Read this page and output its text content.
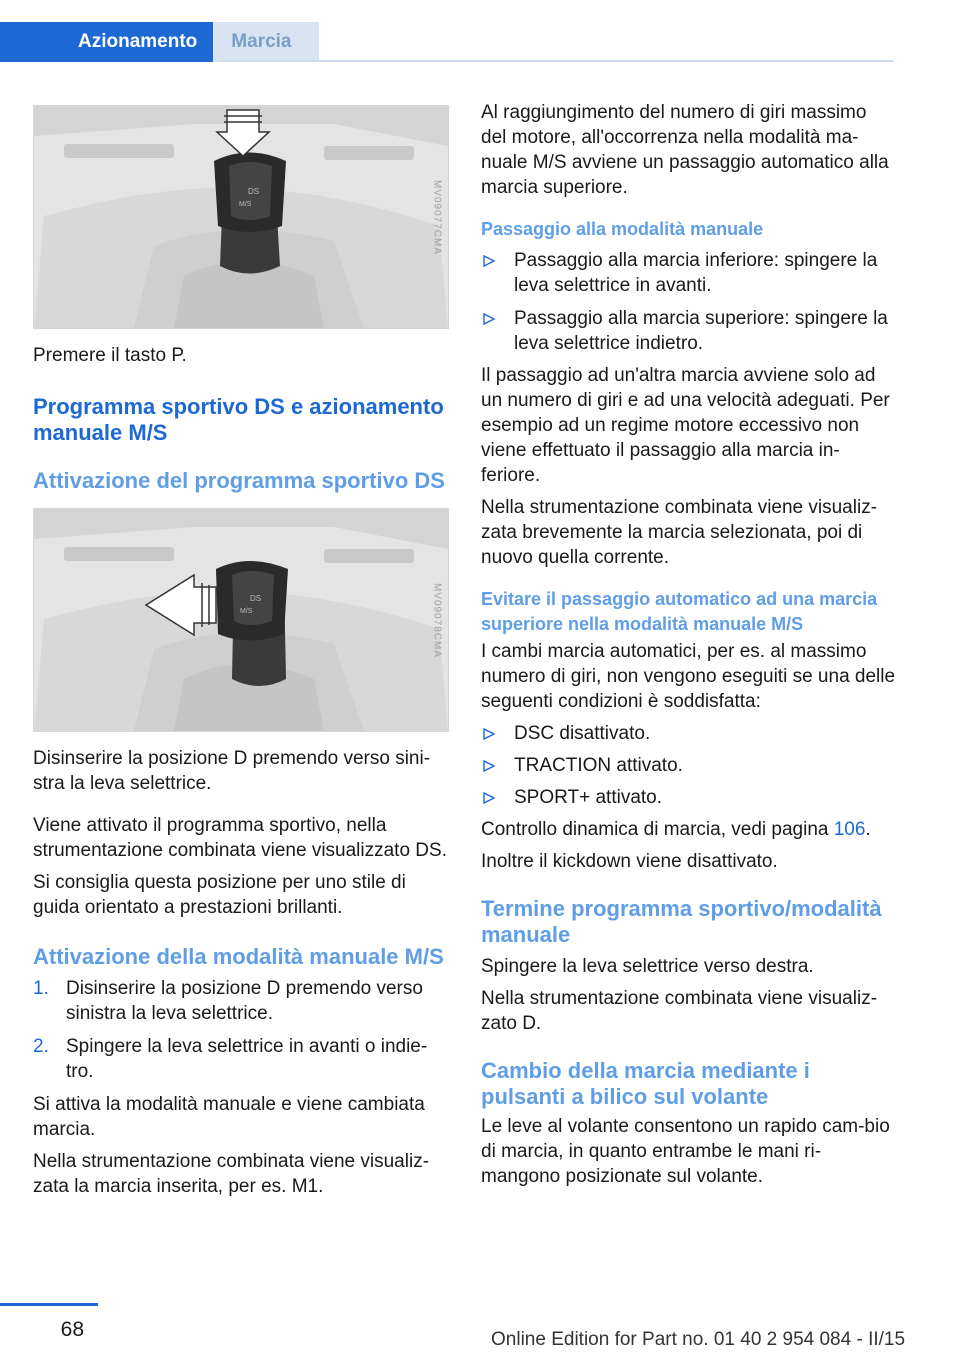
Azionamento	Marcia
DS
M/S	MV09077CMA

Premere il tasto P.

Programma sportivo DS e azionamento manuale M/S
Attivazione del programma sportivo DS
DS
M/S	MV09078CMA

Disinserire la posizione D premendo verso sini-stra la leva selettrice.

Viene attivato il programma sportivo, nella strumentazione combinata viene visualizzato DS.

Si consiglia questa posizione per uno stile di guida orientato a prestazioni brillanti.

Attivazione della modalità manuale M/S
1. Disinserire la posizione D premendo verso sinistra la leva selettrice.
2. Spingere la leva selettrice in avanti o indie-tro.

Si attiva la modalità manuale e viene cambiata marcia.

Nella strumentazione combinata viene visualiz-zata la marcia inserita, per es. M1.

Al raggiungimento del numero di giri massimo del motore, all'occorrenza nella modalità ma-nuale M/S avviene un passaggio automatico alla marcia superiore.

Passaggio alla modalità manuale
Passaggio alla marcia inferiore: spingere la leva selettrice in avanti.
Passaggio alla marcia superiore: spingere la leva selettrice indietro.

Il passaggio ad un'altra marcia avviene solo ad un numero di giri e ad una velocità adeguati. Per esempio ad un regime motore eccessivo non viene effettuato il passaggio alla marcia in-feriore.

Nella strumentazione combinata viene visualiz-zata brevemente la marcia selezionata, poi di nuovo quella corrente.

Evitare il passaggio automatico ad una marcia superiore nella modalità manuale M/S

I cambi marcia automatici, per es. al massimo numero di giri, non vengono eseguiti se una delle seguenti condizioni è soddisfatta:

DSC disattivato.
TRACTION attivato.
SPORT+ attivato.

Controllo dinamica di marcia, vedi pagina 106.

Inoltre il kickdown viene disattivato.

Termine programma sportivo/modalità manuale

Spingere la leva selettrice verso destra.

Nella strumentazione combinata viene visualiz-zato D.

Cambio della marcia mediante i pulsanti a bilico sul volante

Le leve al volante consentono un rapido cam-bio di marcia, in quanto entrambe le mani ri-mangono posizionate sul volante.

68	Online Edition for Part no. 01 40 2 954 084 - II/15
